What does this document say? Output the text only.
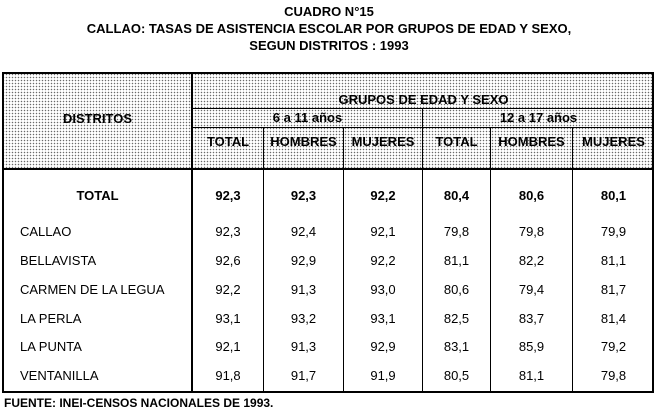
CUADRO N°15
CALLAO: TASAS DE ASISTENCIA ESCOLAR POR GRUPOS DE EDAD Y SEXO,
SEGUN DISTRITOS : 1993
DISTRITOS
GRUPOS DE EDAD Y SEXO
6 a 11 años	12 a 17 años
TOTAL	HOMBRES	MUJERES	TOTAL	HOMBRES	MUJERES
TOTAL	92,3	92,3	92,2	80,4	80,6	80,1
CALLAO	92,3	92,4	92,1	79,8	79,8	79,9
BELLAVISTA	92,6	92,9	92,2	81,1	82,2	81,1
CARMEN DE LA LEGUA	92,2	91,3	93,0	80,6	79,4	81,7
LA PERLA	93,1	93,2	93,1	82,5	83,7	81,4
LA PUNTA	92,1	91,3	92,9	83,1	85,9	79,2
VENTANILLA	91,8	91,7	91,9	80,5	81,1	79,8
FUENTE: INEI-CENSOS NACIONALES DE 1993.
